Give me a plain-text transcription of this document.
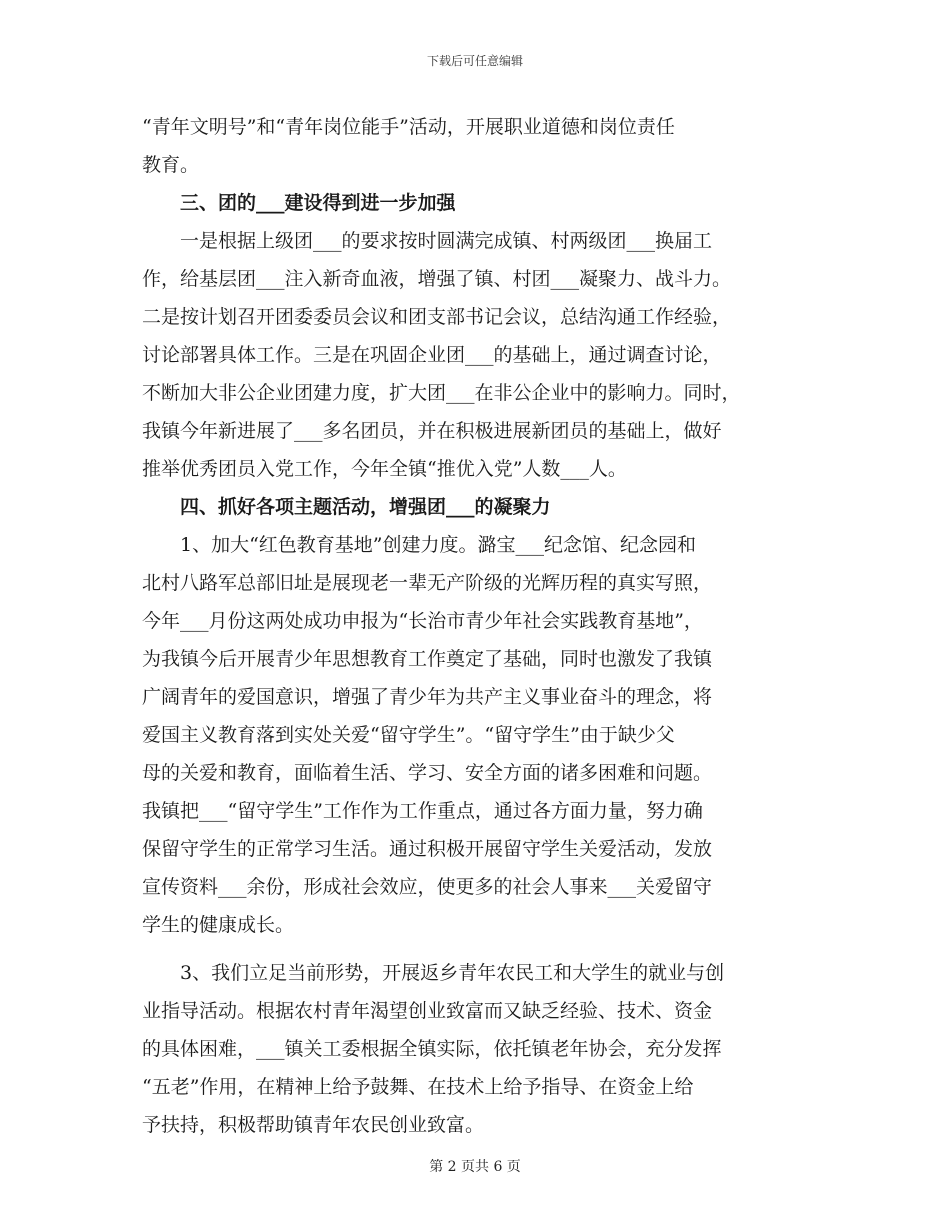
下载后可任意编辑
“青年文明号”和“青年岗位能手”活动，开展职业道德和岗位责任
教育。
　　三、团的___建设得到进一步加强
　　一是根据上级团___的要求按时圆满完成镇、村两级团___换届工
作，给基层团___注入新奇血液，增强了镇、村团___凝聚力、战斗力。
二是按计划召开团委委员会议和团支部书记会议，总结沟通工作经验，
讨论部署具体工作。三是在巩固企业团___的基础上，通过调查讨论，
不断加大非公企业团建力度，扩大团___在非公企业中的影响力。同时，
我镇今年新进展了___多名团员，并在积极进展新团员的基础上，做好
推举优秀团员入党工作，今年全镇“推优入党”人数___人。
　　四、抓好各项主题活动，增强团___的凝聚力
　　1、加大“红色教育基地”创建力度。潞宝___纪念馆、纪念园和
北村八路军总部旧址是展现老一辈无产阶级的光辉历程的真实写照，
今年___月份这两处成功申报为“长治市青少年社会实践教育基地”，
为我镇今后开展青少年思想教育工作奠定了基础，同时也激发了我镇
广阔青年的爱国意识，增强了青少年为共产主义事业奋斗的理念，将
爱国主义教育落到实处关爱“留守学生”。“留守学生”由于缺少父
母的关爱和教育，面临着生活、学习、安全方面的诸多困难和问题。
我镇把___“留守学生”工作作为工作重点，通过各方面力量，努力确
保留守学生的正常学习生活。通过积极开展留守学生关爱活动，发放
宣传资料___余份，形成社会效应，使更多的社会人事来___关爱留守
学生的健康成长。
　　3、我们立足当前形势，开展返乡青年农民工和大学生的就业与创
业指导活动。根据农村青年渴望创业致富而又缺乏经验、技术、资金
的具体困难，___镇关工委根据全镇实际，依托镇老年协会，充分发挥
“五老”作用，在精神上给予鼓舞、在技术上给予指导、在资金上给
予扶持，积极帮助镇青年农民创业致富。
第 2 页共 6 页
